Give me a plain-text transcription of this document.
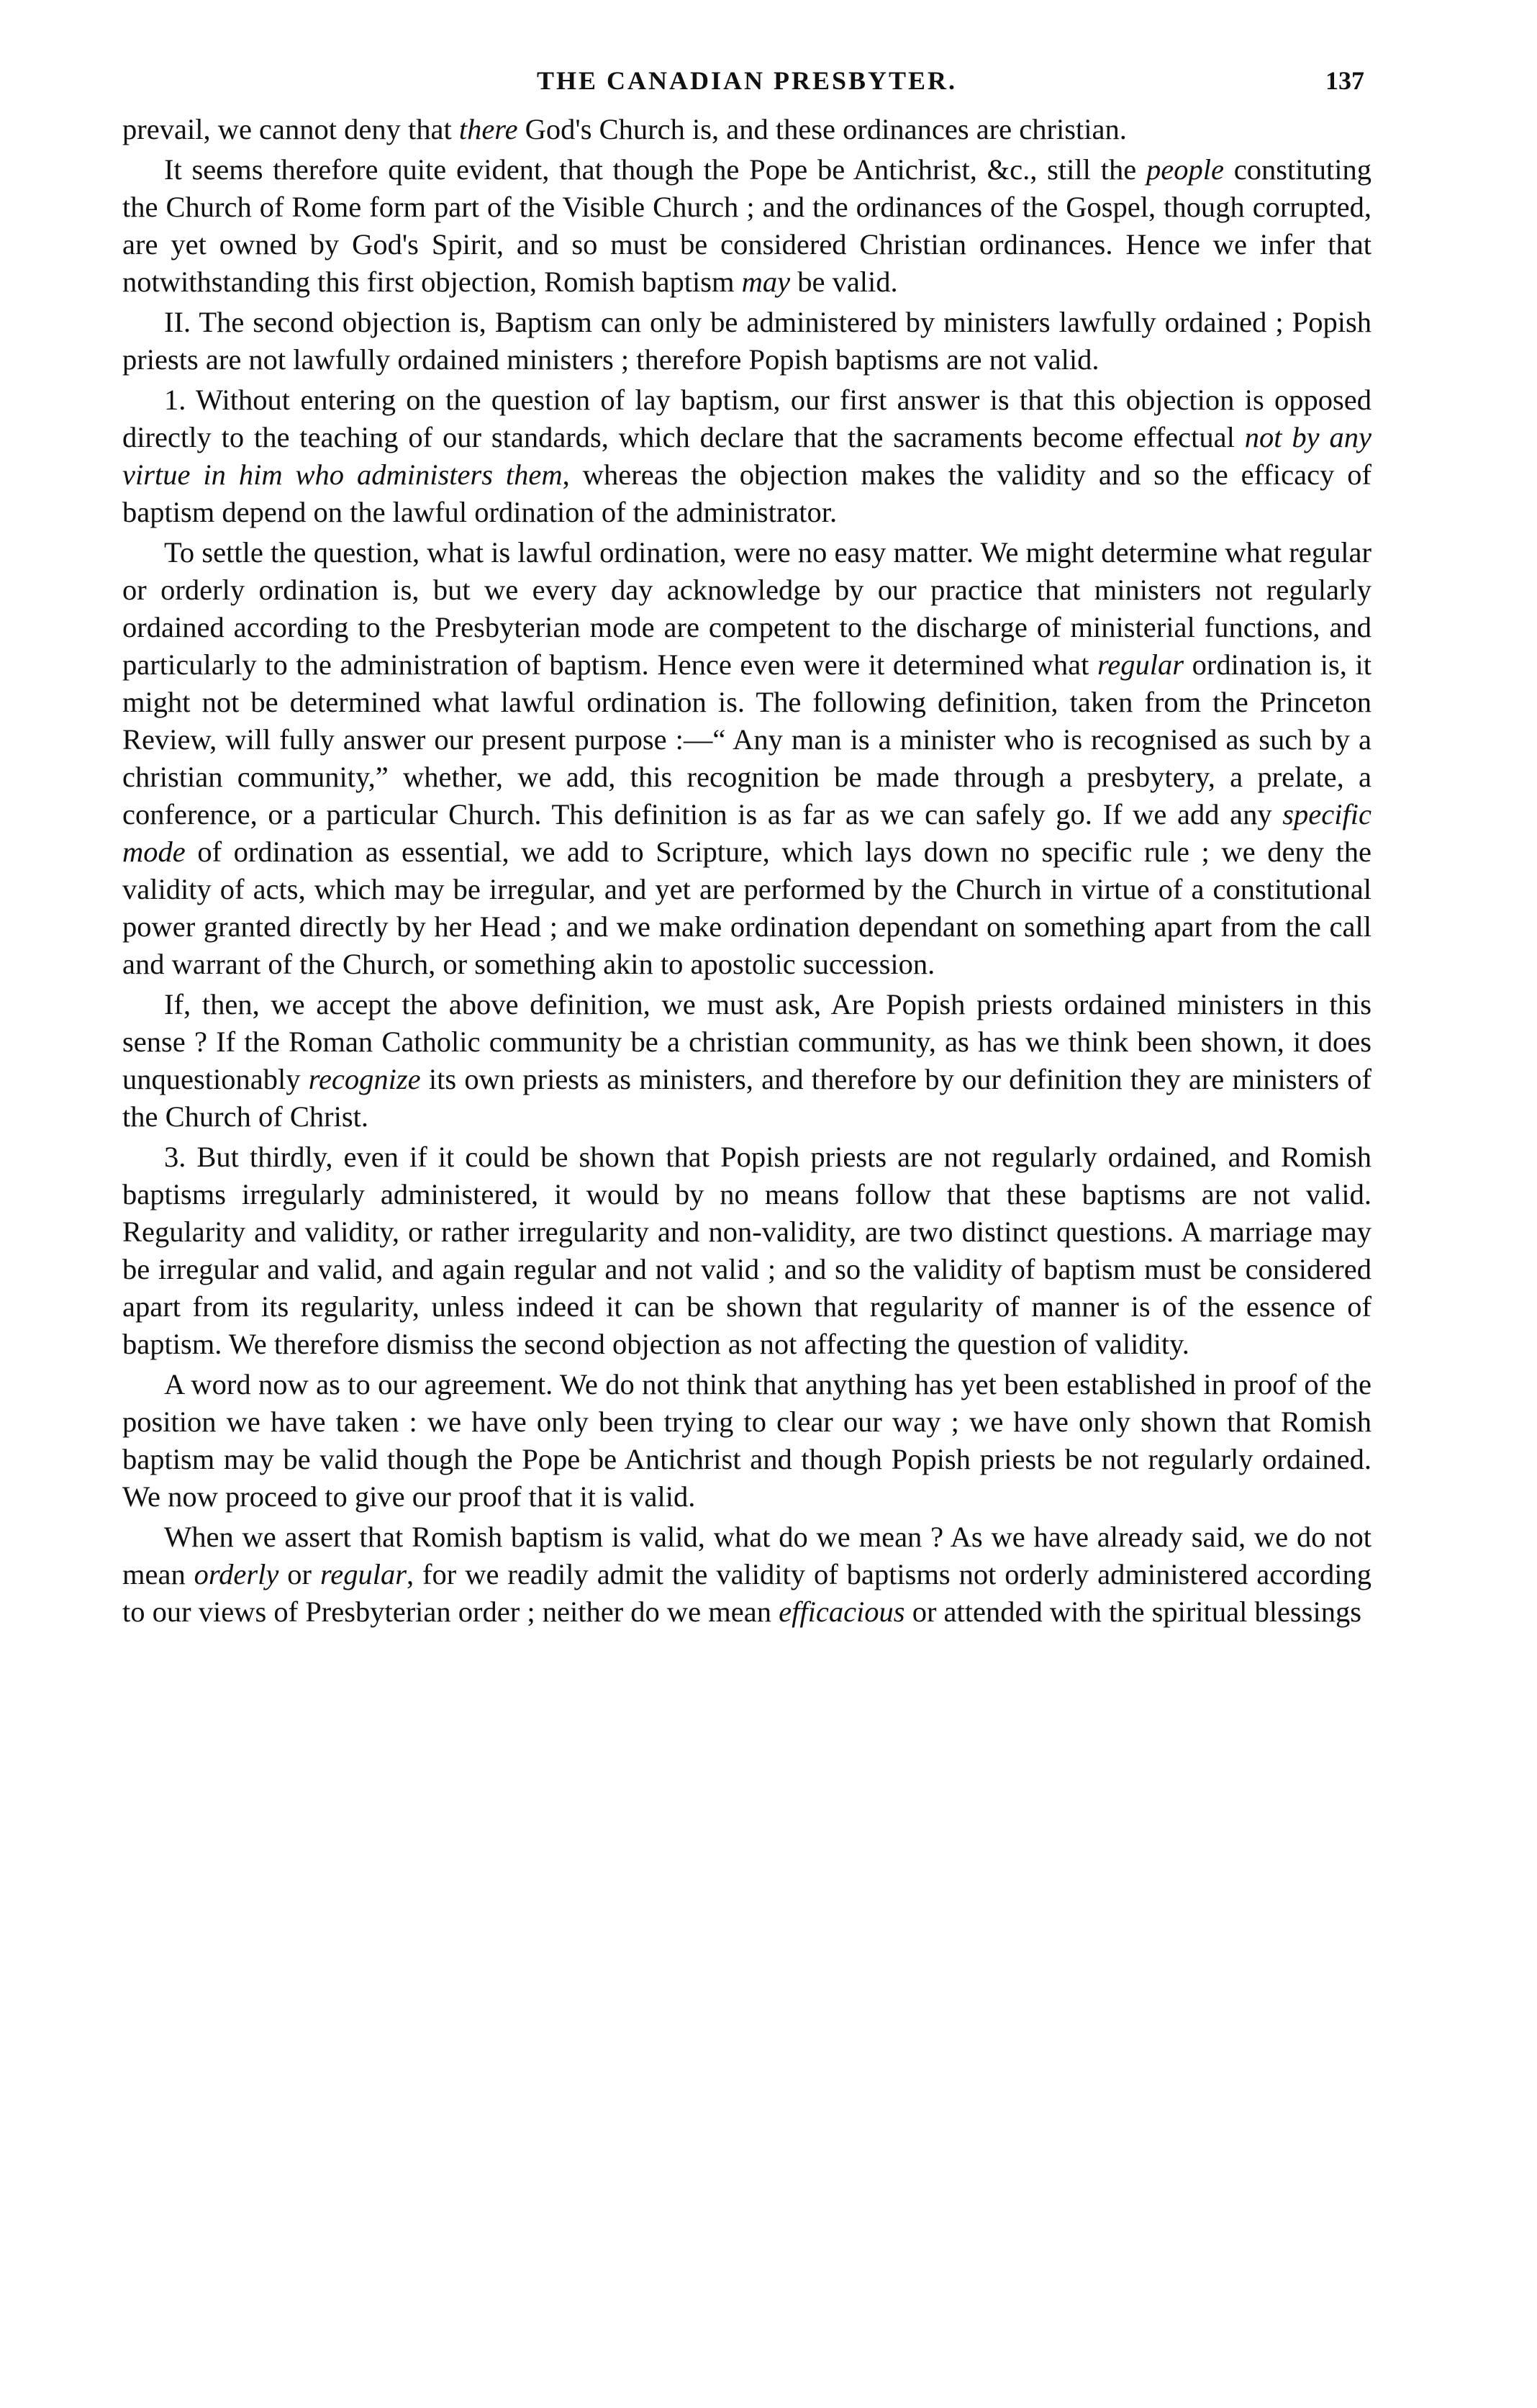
THE CANADIAN PRESBYTER.	137

prevail, we cannot deny that there God's Church is, and these ordinances are christian.

It seems therefore quite evident, that though the Pope be Antichrist, &c., still the people constituting the Church of Rome form part of the Visible Church ; and the ordinances of the Gospel, though corrupted, are yet owned by God's Spirit, and so must be considered Christian ordinances. Hence we infer that notwithstanding this first objection, Romish baptism may be valid.

II. The second objection is, Baptism can only be administered by ministers lawfully ordained ; Popish priests are not lawfully ordained ministers ; therefore Popish baptisms are not valid.

1. Without entering on the question of lay baptism, our first answer is that this objection is opposed directly to the teaching of our standards, which declare that the sacraments become effectual not by any virtue in him who administers them, whereas the objection makes the validity and so the efficacy of baptism depend on the lawful ordination of the administrator.

To settle the question, what is lawful ordination, were no easy matter. We might determine what regular or orderly ordination is, but we every day acknowledge by our practice that ministers not regularly ordained according to the Presbyterian mode are competent to the discharge of ministerial functions, and particularly to the administration of baptism. Hence even were it determined what regular ordination is, it might not be determined what lawful ordination is. The following definition, taken from the Princeton Review, will fully answer our present purpose :—“ Any man is a minister who is recognised as such by a christian community,” whether, we add, this recognition be made through a presbytery, a prelate, a conference, or a particular Church. This definition is as far as we can safely go. If we add any specific mode of ordination as essential, we add to Scripture, which lays down no specific rule ; we deny the validity of acts, which may be irregular, and yet are performed by the Church in virtue of a constitutional power granted directly by her Head ; and we make ordination dependant on something apart from the call and warrant of the Church, or something akin to apostolic succession.

If, then, we accept the above definition, we must ask, Are Popish priests ordained ministers in this sense ? If the Roman Catholic community be a christian community, as has we think been shown, it does unquestionably recognize its own priests as ministers, and therefore by our definition they are ministers of the Church of Christ.

3. But thirdly, even if it could be shown that Popish priests are not regularly ordained, and Romish baptisms irregularly administered, it would by no means follow that these baptisms are not valid. Regularity and validity, or rather irregularity and non-validity, are two distinct questions. A marriage may be irregular and valid, and again regular and not valid ; and so the validity of baptism must be considered apart from its regularity, unless indeed it can be shown that regularity of manner is of the essence of baptism. We therefore dismiss the second objection as not affecting the question of validity.

A word now as to our agreement. We do not think that anything has yet been established in proof of the position we have taken : we have only been trying to clear our way ; we have only shown that Romish baptism may be valid though the Pope be Antichrist and though Popish priests be not regularly ordained. We now proceed to give our proof that it is valid.

When we assert that Romish baptism is valid, what do we mean ? As we have already said, we do not mean orderly or regular, for we readily admit the validity of baptisms not orderly administered according to our views of Presbyterian order ; neither do we mean efficacious or attended with the spiritual blessings
